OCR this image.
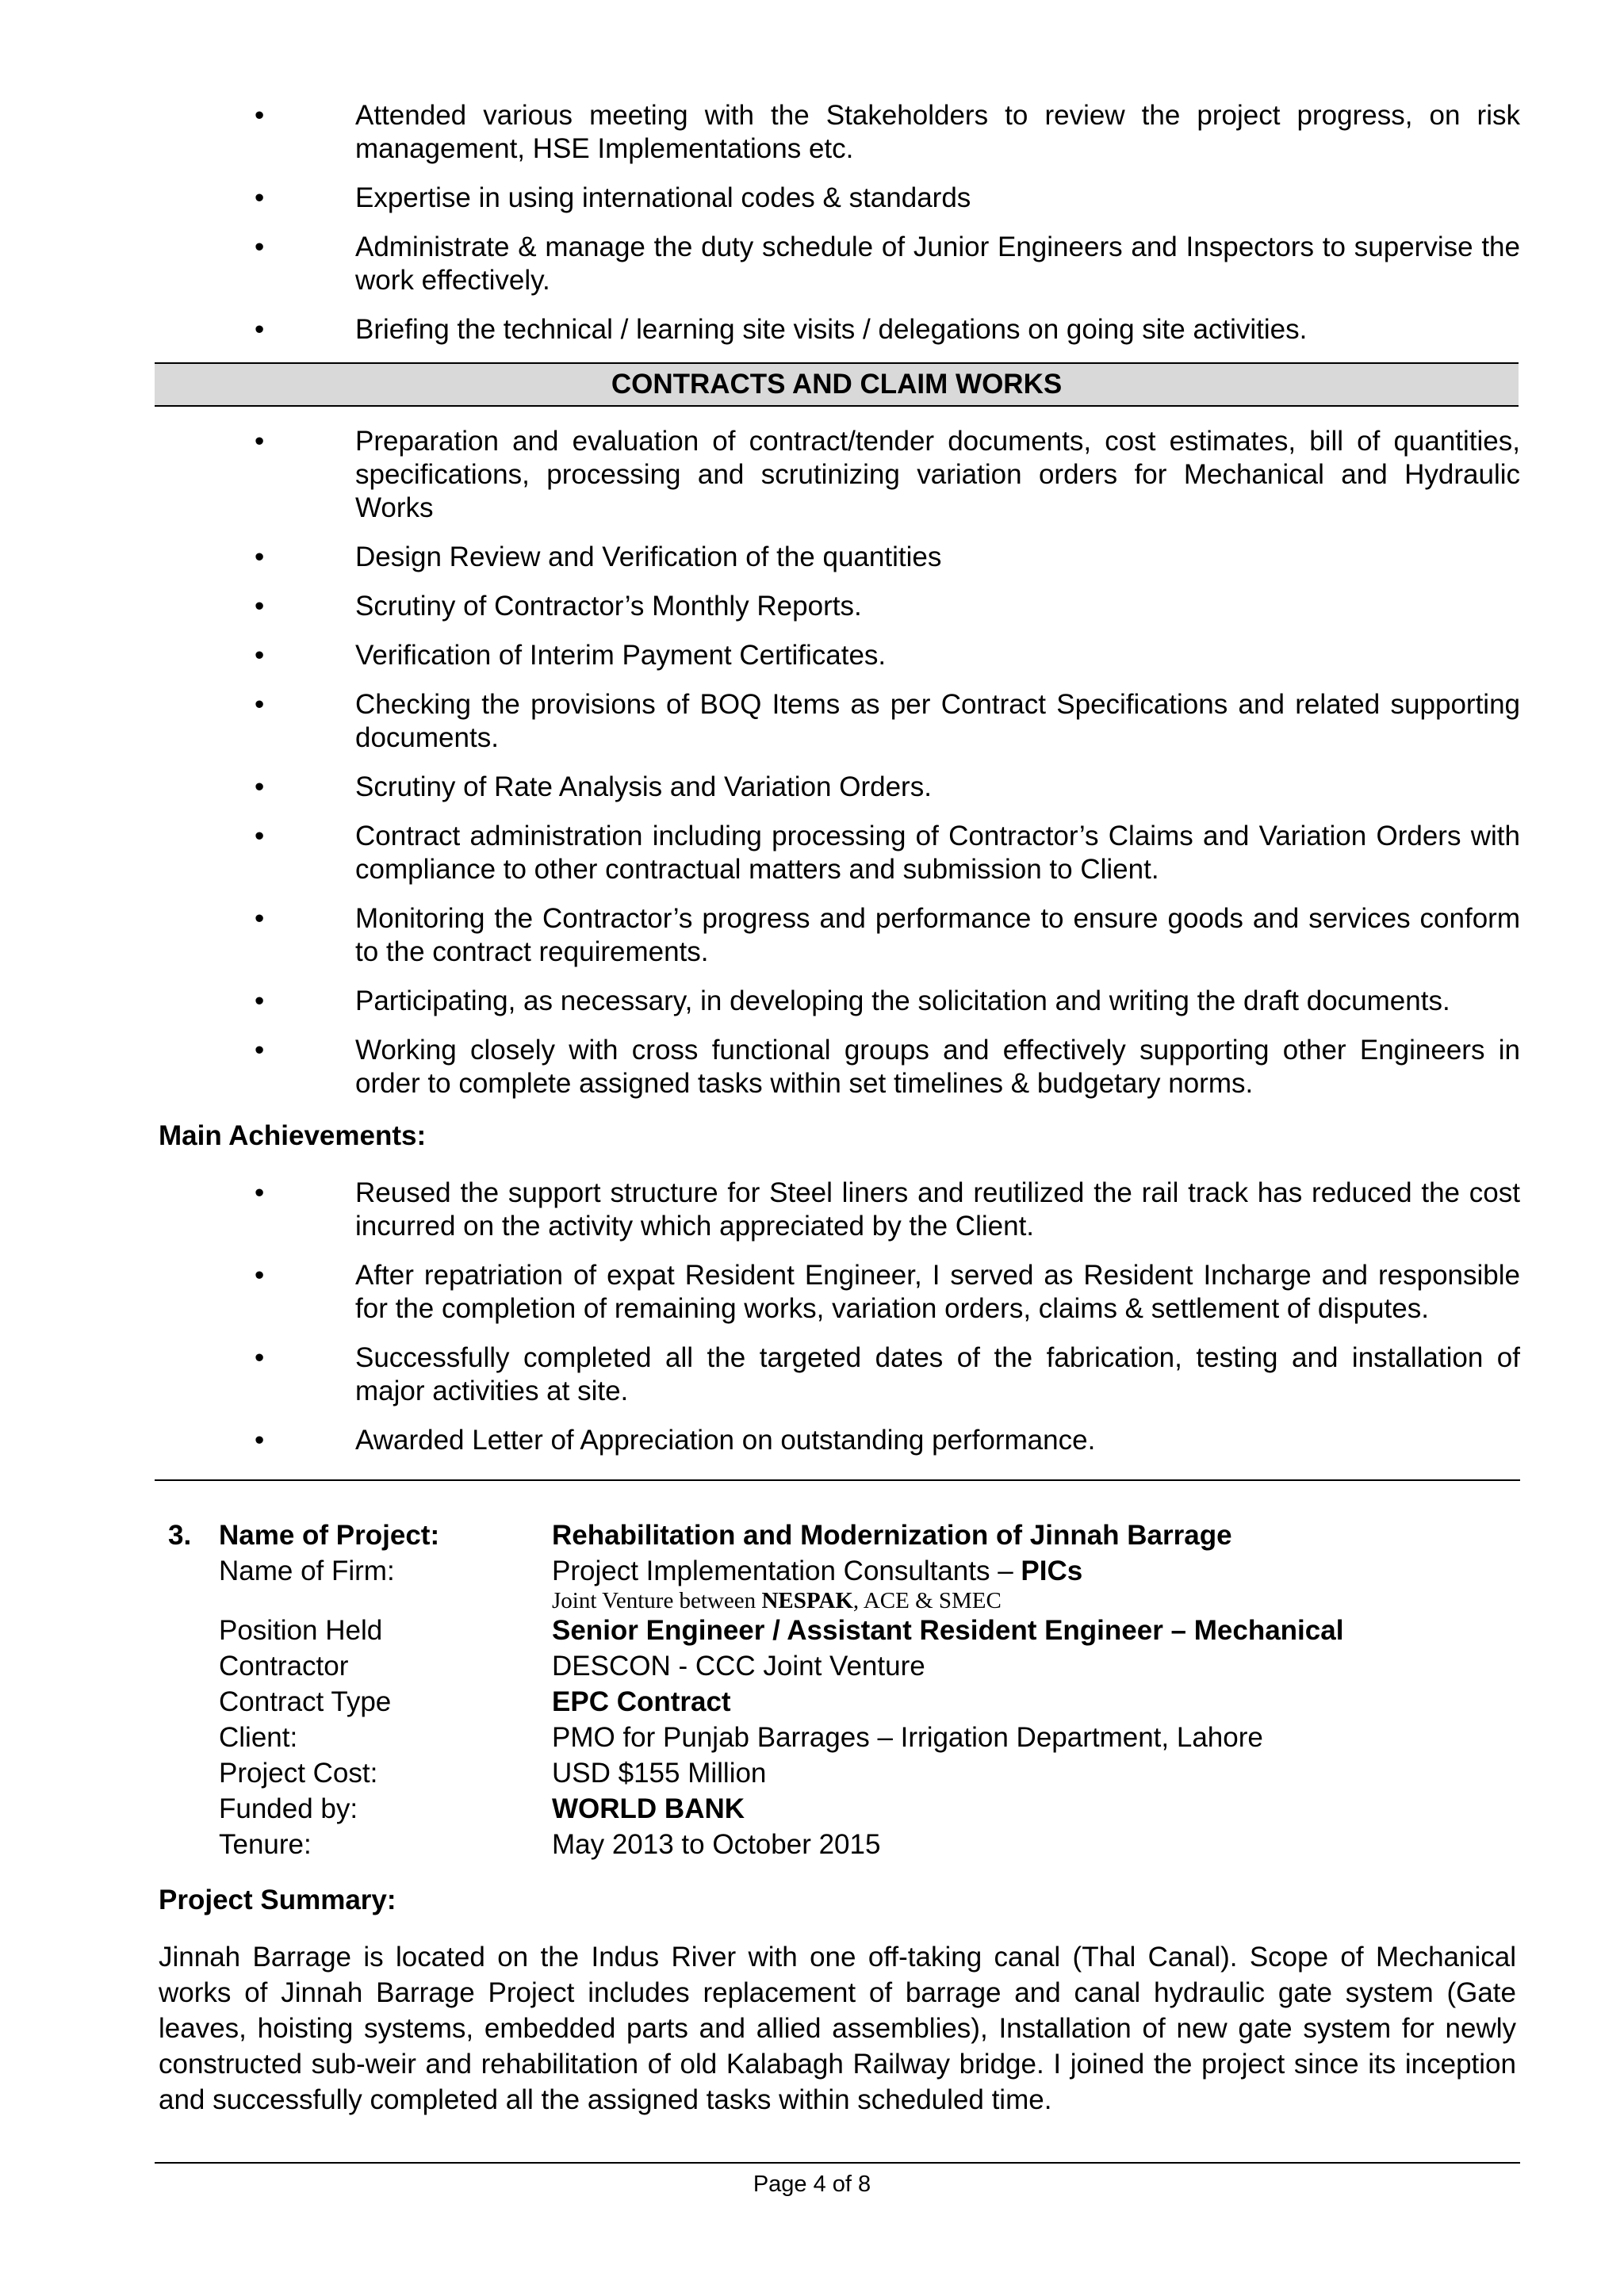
•	Attended various meeting with the Stakeholders to review the project progress, on risk management, HSE Implementations etc.
•	Expertise in using international codes & standards
•	Administrate & manage the duty schedule of Junior Engineers and Inspectors to supervise the work effectively.
•	Briefing the technical / learning site visits / delegations on going site activities.
CONTRACTS AND CLAIM WORKS
•	Preparation and evaluation of contract/tender documents, cost estimates, bill of quantities, specifications, processing and scrutinizing variation orders for Mechanical and Hydraulic Works
•	Design Review and Verification of the quantities
•	Scrutiny of Contractor’s Monthly Reports.
•	Verification of Interim Payment Certificates.
•	Checking the provisions of BOQ Items as per Contract Specifications and related supporting documents.
•	Scrutiny of Rate Analysis and Variation Orders.
•	Contract administration including processing of Contractor’s Claims and Variation Orders with compliance to other contractual matters and submission to Client.
•	Monitoring the Contractor’s progress and performance to ensure goods and services conform to the contract requirements.
•	Participating, as necessary, in developing the solicitation and writing the draft documents.
•	Working closely with cross functional groups and effectively supporting other Engineers in order to complete assigned tasks within set timelines & budgetary norms.
Main Achievements:
•	Reused the support structure for Steel liners and reutilized the rail track has reduced the cost incurred on the activity which appreciated by the Client.
•	After repatriation of expat Resident Engineer, I served as Resident Incharge and responsible for the completion of remaining works, variation orders, claims & settlement of disputes.
•	Successfully completed all the targeted dates of the fabrication, testing and installation of major activities at site.
•	Awarded Letter of Appreciation on outstanding performance.
3. Name of Project:	Rehabilitation and Modernization of Jinnah Barrage
Name of Firm:	Project Implementation Consultants – PICs
Joint Venture between NESPAK, ACE & SMEC
Position Held	Senior Engineer / Assistant Resident Engineer – Mechanical
Contractor	DESCON - CCC Joint Venture
Contract Type	EPC Contract
Client:	PMO for Punjab Barrages – Irrigation Department, Lahore
Project Cost:	USD $155 Million
Funded by:	WORLD BANK
Tenure:	May 2013 to October 2015
Project Summary:
Jinnah Barrage is located on the Indus River with one off-taking canal (Thal Canal). Scope of Mechanical works of Jinnah Barrage Project includes replacement of barrage and canal hydraulic gate system (Gate leaves, hoisting systems, embedded parts and allied assemblies), Installation of new gate system for newly constructed sub-weir and rehabilitation of old Kalabagh Railway bridge. I joined the project since its inception and successfully completed all the assigned tasks within scheduled time.
Page 4 of 8
